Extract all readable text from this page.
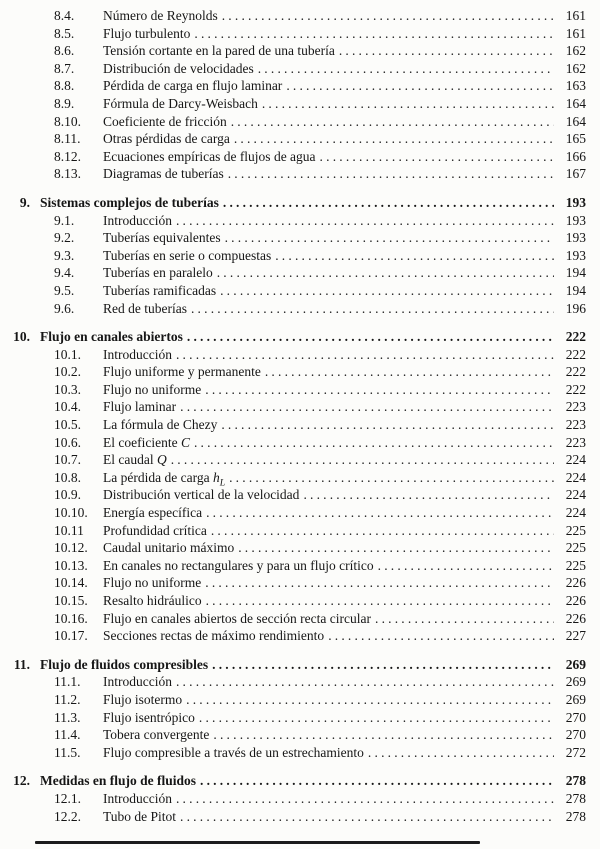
8.4.	Número de Reynolds .....	161
8.5.	Flujo turbulento .....	161
8.6.	Tensión cortante en la pared de una tubería .....	162
8.7.	Distribución de velocidades .....	162
8.8.	Pérdida de carga en flujo laminar .....	163
8.9.	Fórmula de Darcy-Weisbach .....	164
8.10.	Coeficiente de fricción .....	164
8.11.	Otras pérdidas de carga .....	165
8.12.	Ecuaciones empíricas de flujos de agua .....	166
8.13.	Diagramas de tuberías .....	167
9. Sistemas complejos de tuberías .....	193
9.1.	Introducción .....	193
9.2.	Tuberías equivalentes .....	193
9.3.	Tuberías en serie o compuestas .....	193
9.4.	Tuberías en paralelo .....	194
9.5.	Tuberías ramificadas .....	194
9.6.	Red de tuberías .....	196
10. Flujo en canales abiertos .....	222
10.1.	Introducción .....	222
10.2.	Flujo uniforme y permanente .....	222
10.3.	Flujo no uniforme .....	222
10.4.	Flujo laminar .....	223
10.5.	La fórmula de Chezy .....	223
10.6.	El coeficiente C .....	223
10.7.	El caudal Q .....	224
10.8.	La pérdida de carga $h_L$ .....	224
10.9.	Distribución vertical de la velocidad .....	224
10.10.	Energía específica .....	224
10.11	Profundidad crítica .....	225
10.12.	Caudal unitario máximo .....	225
10.13.	En canales no rectangulares y para un flujo crítico .....	225
10.14.	Flujo no uniforme .....	226
10.15.	Resalto hidráulico .....	226
10.16.	Flujo en canales abiertos de sección recta circular .....	226
10.17.	Secciones rectas de máximo rendimiento .....	227
11. Flujo de fluidos compresibles .....	269
11.1.	Introducción .....	269
11.2.	Flujo isotermo .....	269
11.3.	Flujo isentrópico .....	270
11.4.	Tobera convergente .....	270
11.5.	Flujo compresible a través de un estrechamiento .....	272
12. Medidas en flujo de fluidos .....	278
12.1.	Introducción .....	278
12.2.	Tubo de Pitot .....	278
